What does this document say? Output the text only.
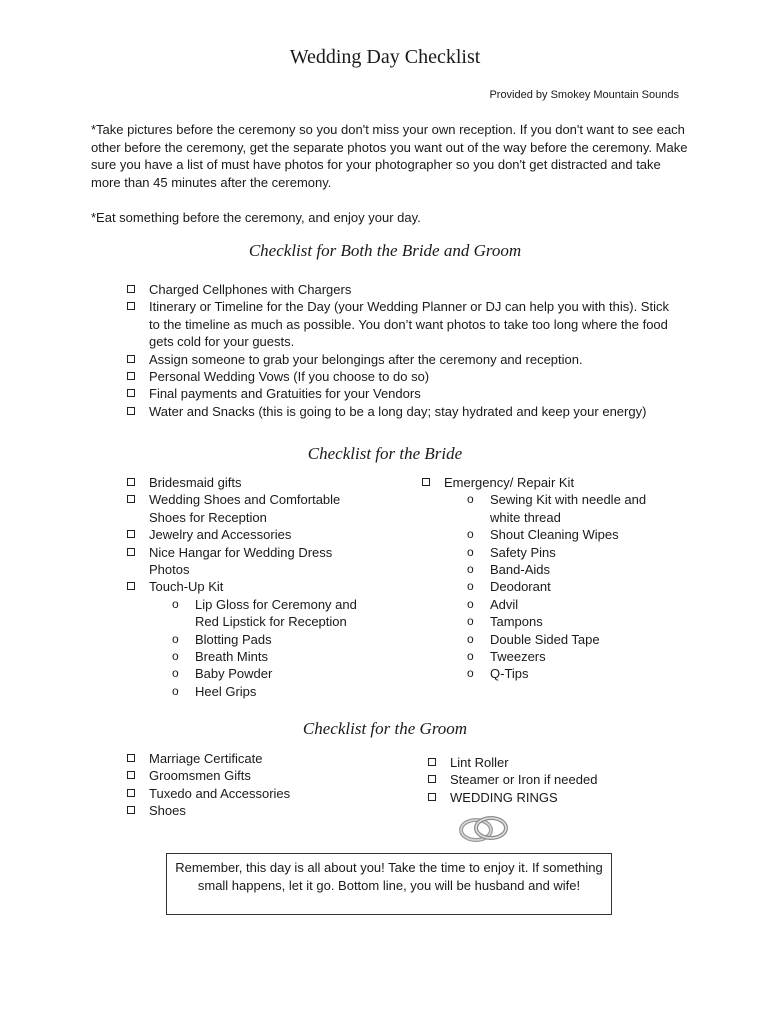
Wedding Day Checklist
Provided by Smokey Mountain Sounds
*Take pictures before the ceremony so you don't miss your own reception. If you don't want to see each other before the ceremony, get the separate photos you want out of the way before the ceremony. Make sure you have a list of must have photos for your photographer so you don't get distracted and take more than 45 minutes after the ceremony.
*Eat something before the ceremony, and enjoy your day.
Checklist for Both the Bride and Groom
Charged Cellphones with Chargers
Itinerary or Timeline for the Day (your Wedding Planner or DJ can help you with this). Stick to the timeline as much as possible. You don’t want photos to take too long where the food gets cold for your guests.
Assign someone to grab your belongings after the ceremony and reception.
Personal Wedding Vows (If you choose to do so)
Final payments and Gratuities for your Vendors
Water and Snacks (this is going to be a long day; stay hydrated and keep your energy)
Checklist for the Bride
Bridesmaid gifts
Wedding Shoes and Comfortable Shoes for Reception
Jewelry and Accessories
Nice Hangar for Wedding Dress Photos
Touch-Up Kit
o Lip Gloss for Ceremony and Red Lipstick for Reception
o Blotting Pads
o Breath Mints
o Baby Powder
o Heel Grips
Emergency/ Repair Kit
o Sewing Kit with needle and white thread
o Shout Cleaning Wipes
o Safety Pins
o Band-Aids
o Deodorant
o Advil
o Tampons
o Double Sided Tape
o Tweezers
o Q-Tips
Checklist for the Groom
Marriage Certificate
Groomsmen Gifts
Tuxedo and Accessories
Shoes
Lint Roller
Steamer or Iron if needed
WEDDING RINGS
Remember, this day is all about you! Take the time to enjoy it. If something small happens, let it go. Bottom line, you will be husband and wife!
